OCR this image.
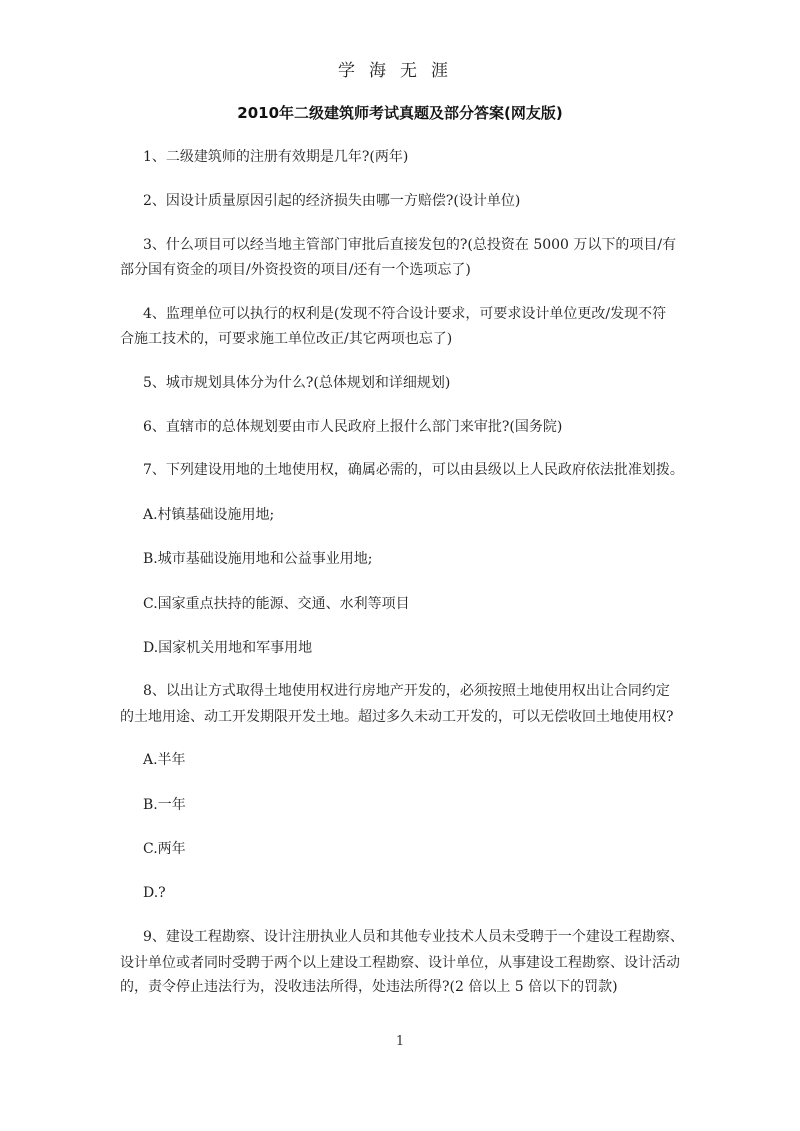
学海无涯
2010年二级建筑师考试真题及部分答案(网友版)
1、二级建筑师的注册有效期是几年?(两年)
2、因设计质量原因引起的经济损失由哪一方赔偿?(设计单位)
3、什么项目可以经当地主管部门审批后直接发包的?(总投资在 5000 万以下的项目/有
部分国有资金的项目/外资投资的项目/还有一个选项忘了)
4、监理单位可以执行的权利是(发现不符合设计要求，可要求设计单位更改/发现不符
合施工技术的，可要求施工单位改正/其它两项也忘了)
5、城市规划具体分为什么?(总体规划和详细规划)
6、直辖市的总体规划要由市人民政府上报什么部门来审批?(国务院)
7、下列建设用地的土地使用权，确属必需的，可以由县级以上人民政府依法批准划拨。
A.村镇基础设施用地;
B.城市基础设施用地和公益事业用地;
C.国家重点扶持的能源、交通、水利等项目
D.国家机关用地和军事用地
8、以出让方式取得土地使用权进行房地产开发的，必须按照土地使用权出让合同约定
的土地用途、动工开发期限开发土地。超过多久未动工开发的，可以无偿收回土地使用权?
A.半年
B.一年
C.两年
D.?
9、建设工程勘察、设计注册执业人员和其他专业技术人员未受聘于一个建设工程勘察、
设计单位或者同时受聘于两个以上建设工程勘察、设计单位，从事建设工程勘察、设计活动
的，责令停止违法行为，没收违法所得，处违法所得?(2 倍以上 5 倍以下的罚款)
1
